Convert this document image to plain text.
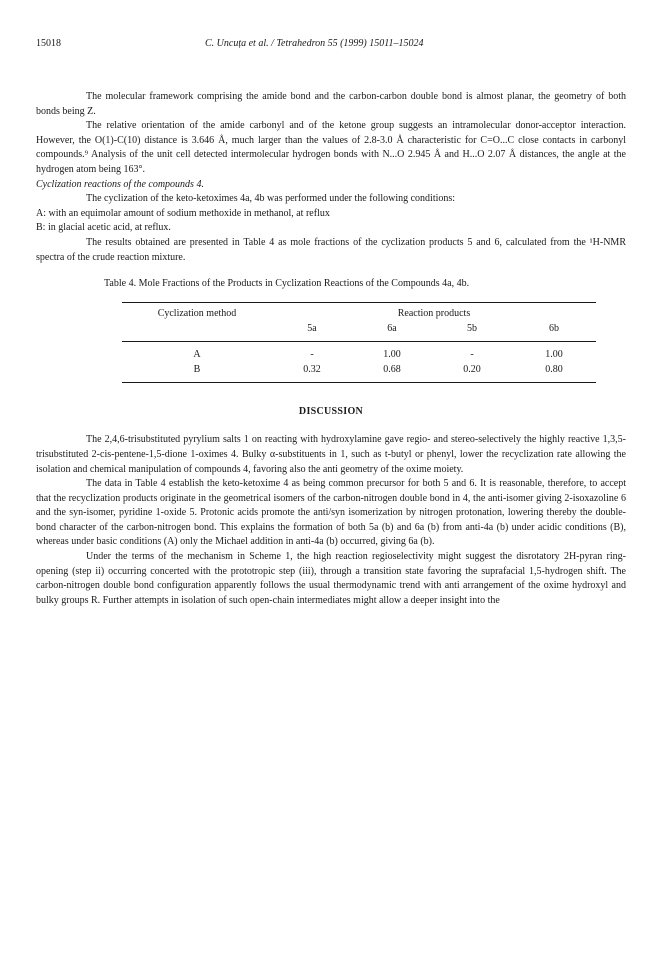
15018	C. Uncuța et al. / Tetrahedron 55 (1999) 15011–15024

The molecular framework comprising the amide bond and the carbon-carbon double bond is almost planar, the geometry of both bonds being Z.

The relative orientation of the amide carbonyl and of the ketone group suggests an intramolecular donor-acceptor interaction. However, the O(1)-C(10) distance is 3.646 Å, much larger than the values of 2.8-3.0 Å characteristic for C=O...C close contacts in carbonyl compounds.⁹ Analysis of the unit cell detected intermolecular hydrogen bonds with N...O 2.945 Å and H...O 2.07 Å distances, the angle at the hydrogen atom being 163°.

Cyclization reactions of the compounds 4.

The cyclization of the keto-ketoximes 4a, 4b was performed under the following conditions:

A: with an equimolar amount of sodium methoxide in methanol, at reflux

B: in glacial acetic acid, at reflux.

The results obtained are presented in Table 4 as mole fractions of the cyclization products 5 and 6, calculated from the ¹H-NMR spectra of the crude reaction mixture.

Table 4. Mole Fractions of the Products in Cyclization Reactions of the Compounds 4a, 4b.

Cyclization method	Reaction products			
	5a	6a	5b	6b

A	-	1.00	-	1.00
B	0.32	0.68	0.20	0.80

DISCUSSION

The 2,4,6-trisubstituted pyrylium salts 1 on reacting with hydroxylamine gave regio- and stereo-selectively the highly reactive 1,3,5-trisubstituted 2-cis-pentene-1,5-dione 1-oximes 4. Bulky α-substituents in 1, such as t-butyl or phenyl, lower the recyclization rate allowing the isolation and chemical manipulation of compounds 4, favoring also the anti geometry of the oxime moiety.

The data in Table 4 establish the keto-ketoxime 4 as being common precursor for both 5 and 6. It is reasonable, therefore, to accept that the recyclization products originate in the geometrical isomers of the carbon-nitrogen double bond in 4, the anti-isomer giving 2-isoxazoline 6 and the syn-isomer, pyridine 1-oxide 5. Protonic acids promote the anti/syn isomerization by nitrogen protonation, lowering thereby the double-bond character of the carbon-nitrogen bond. This explains the formation of both 5a (b) and 6a (b) from anti-4a (b) under acidic conditions (B), whereas under basic conditions (A) only the Michael addition in anti-4a (b) occurred, giving 6a (b).

Under the terms of the mechanism in Scheme 1, the high reaction regioselectivity might suggest the disrotatory 2H-pyran ring-opening (step ii) occurring concerted with the prototropic step (iii), through a transition state favoring the suprafacial 1,5-hydrogen shift. The carbon-nitrogen double bond configuration apparently follows the usual thermodynamic trend with anti arrangement of the oxime hydroxyl and bulky groups R. Further attempts in isolation of such open-chain intermediates might allow a deeper insight into the
